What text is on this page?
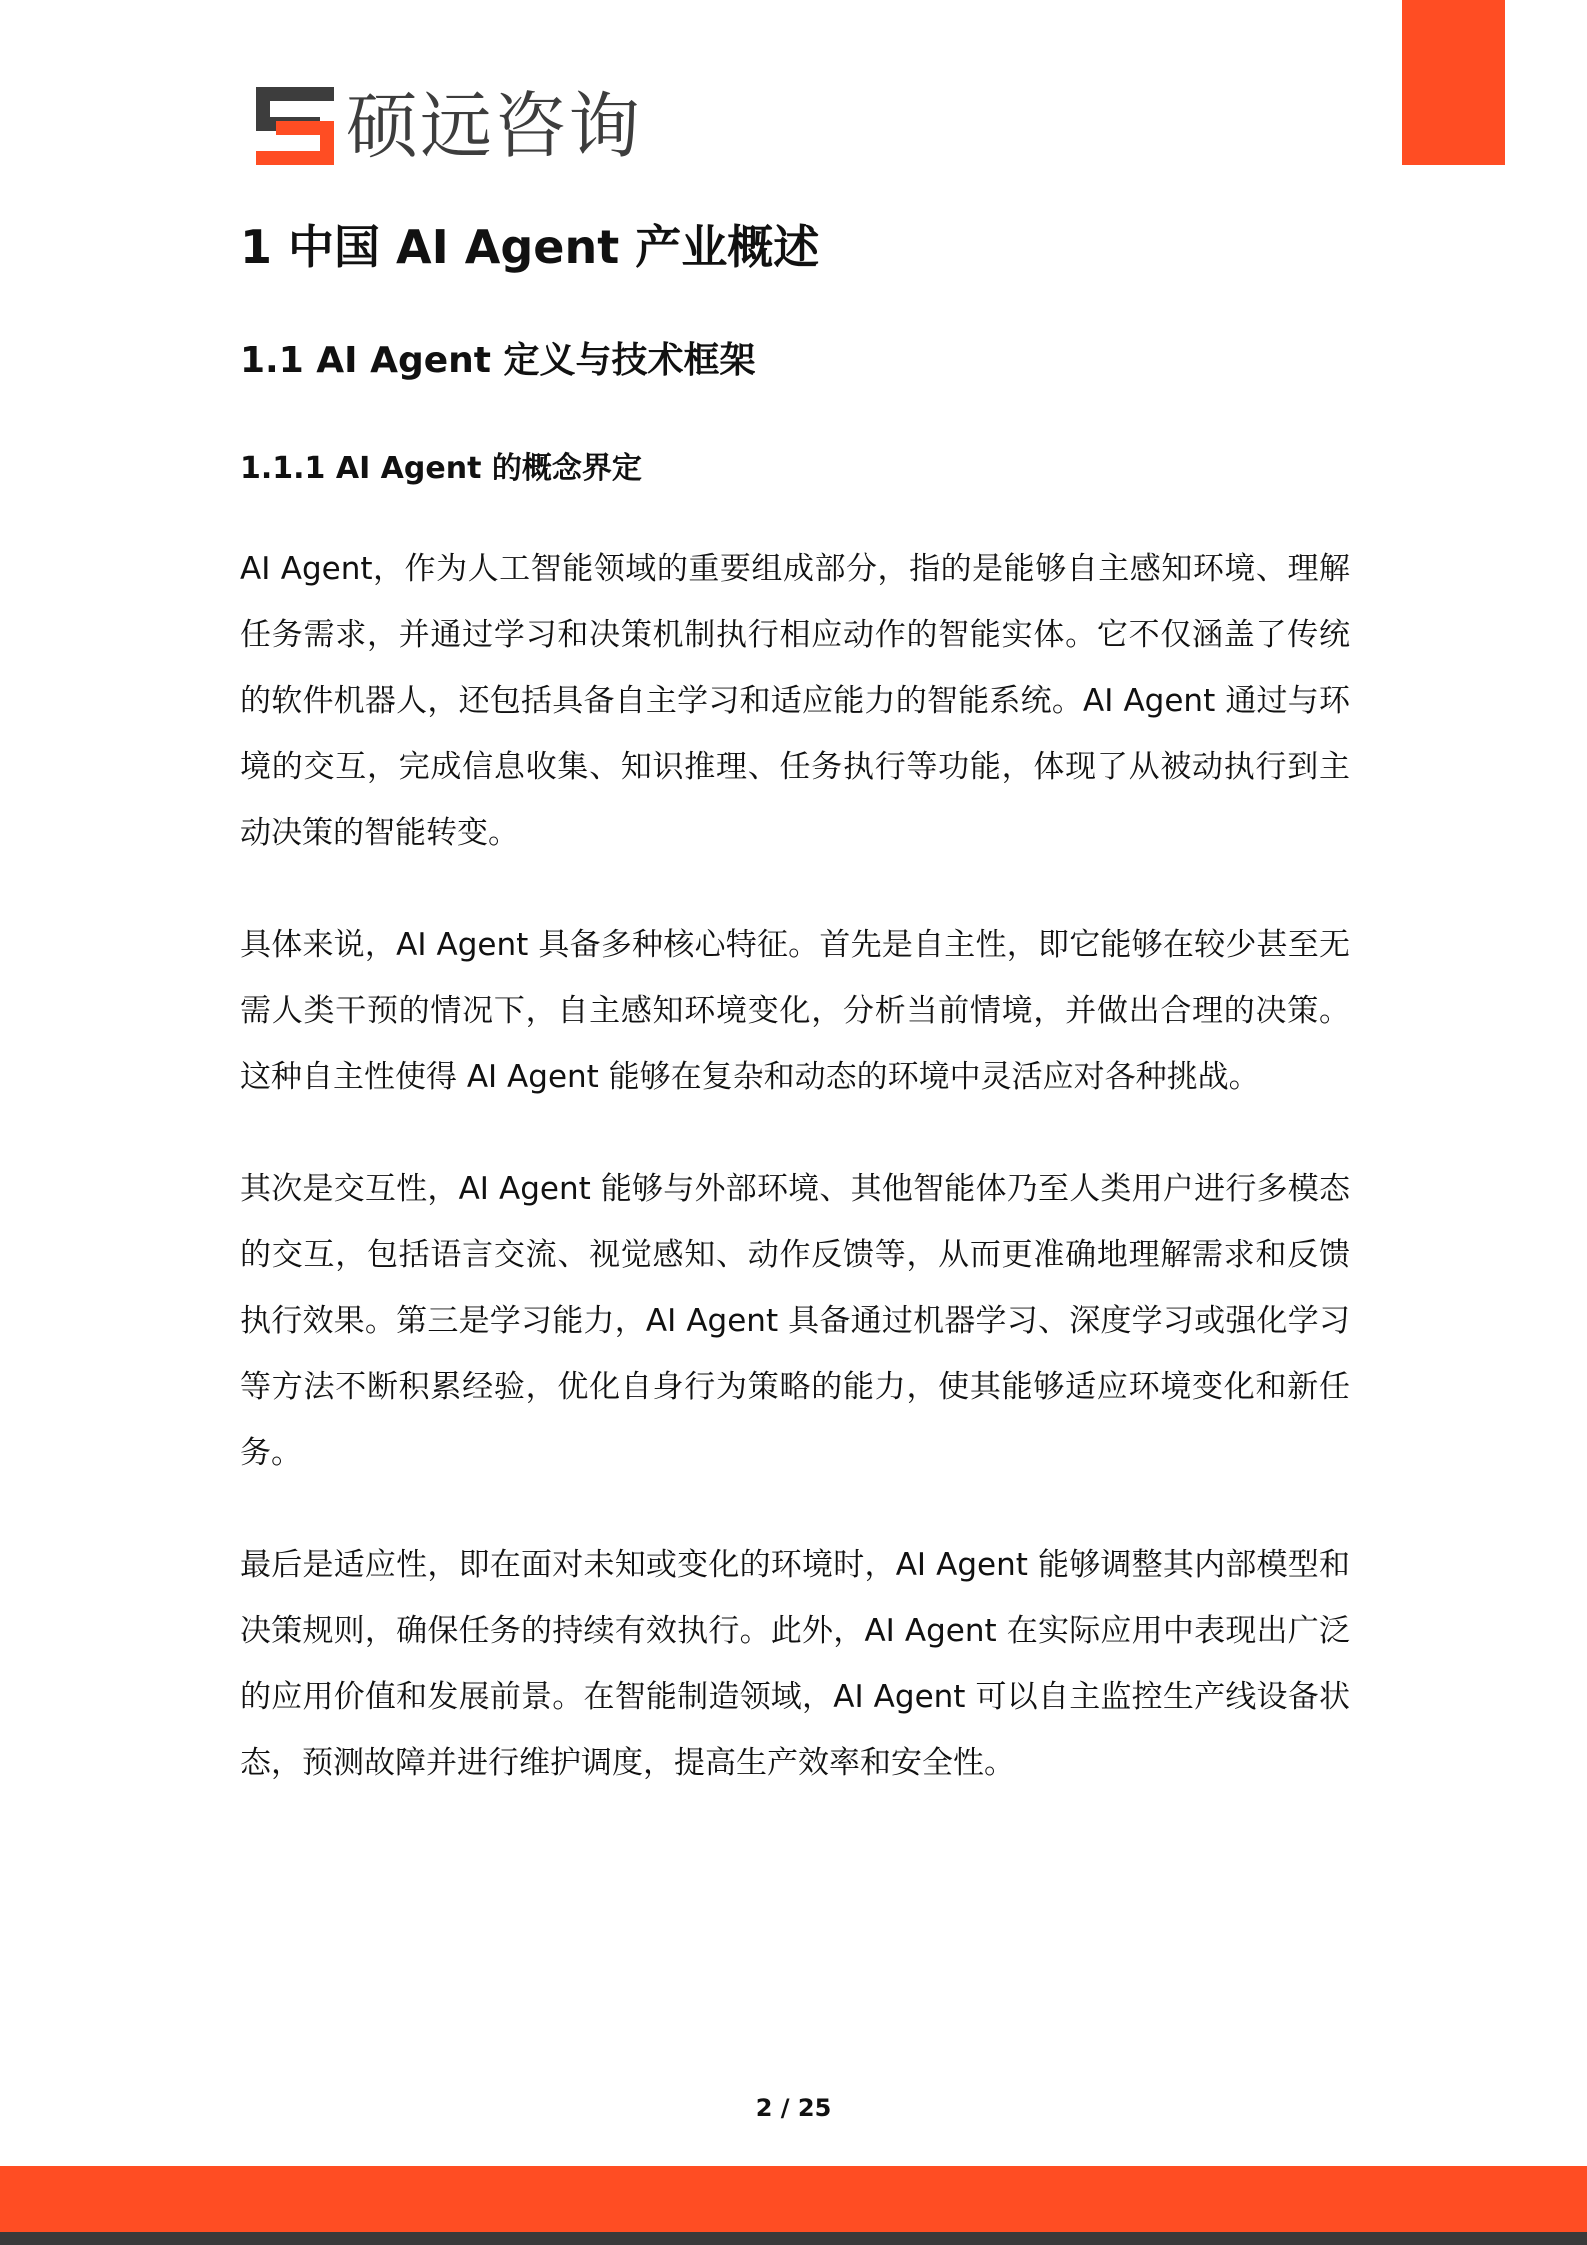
硕远咨询
1 中国 AI Agent 产业概述
1.1 AI Agent 定义与技术框架
1.1.1 AI Agent 的概念界定

AI Agent，作为人工智能领域的重要组成部分，指的是能够自主感知环境、理解任务需求，并通过学习和决策机制执行相应动作的智能实体。它不仅涵盖了传统的软件机器人，还包括具备自主学习和适应能力的智能系统。AI Agent 通过与环境的交互，完成信息收集、知识推理、任务执行等功能，体现了从被动执行到主动决策的智能转变。

具体来说，AI Agent 具备多种核心特征。首先是自主性，即它能够在较少甚至无需人类干预的情况下，自主感知环境变化，分析当前情境，并做出合理的决策。这种自主性使得 AI Agent 能够在复杂和动态的环境中灵活应对各种挑战。

其次是交互性，AI Agent 能够与外部环境、其他智能体乃至人类用户进行多模态的交互，包括语言交流、视觉感知、动作反馈等，从而更准确地理解需求和反馈执行效果。第三是学习能力，AI Agent 具备通过机器学习、深度学习或强化学习等方法不断积累经验，优化自身行为策略的能力，使其能够适应环境变化和新任务。

最后是适应性，即在面对未知或变化的环境时，AI Agent 能够调整其内部模型和决策规则，确保任务的持续有效执行。此外，AI Agent 在实际应用中表现出广泛的应用价值和发展前景。在智能制造领域，AI Agent 可以自主监控生产线设备状态，预测故障并进行维护调度，提高生产效率和安全性。

2 / 25
